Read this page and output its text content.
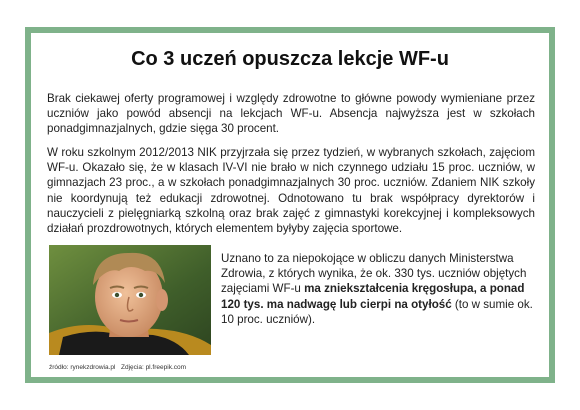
Co 3 uczeń opuszcza lekcje WF-u

Brak ciekawej oferty programowej i względy zdrowotne to główne powody wymieniane przez uczniów jako powód absencji na lekcjach WF-u. Absencja najwyższa jest w szkołach ponadgimnazjalnych, gdzie sięga 30 procent.

W roku szkolnym 2012/2013 NIK przyjrzała się przez tydzień, w wybranych szkołach, zajęciom WF-u. Okazało się, że w klasach IV-VI nie brało w nich czynnego udziału 15 proc. uczniów, w gimnazjach 23 proc., a w szkołach ponadgimnazjalnych 30 proc. uczniów. Zdaniem NIK szkoły nie koordynują też edukacji zdrowotnej. Odnotowano tu brak współpracy dyrektorów i nauczycieli z pielęgniarką szkolną oraz brak zajęć z gimnastyki korekcyjnej i kompleksowych działań prozdrowotnych, których elementem byłyby zajęcia sportowe.

Uznano to za niepokojące w obliczu danych Ministerstwa Zdrowia, z których wynika, że ok. 330 tys. uczniów objętych zajęciami WF-u ma zniekształcenia kręgosłupa, a ponad 120 tys. ma nadwagę lub cierpi na otyłość (to w sumie ok. 10 proc. uczniów).

źródło: rynekzdrowia.pl Zdjęcia: pl.freepik.com
